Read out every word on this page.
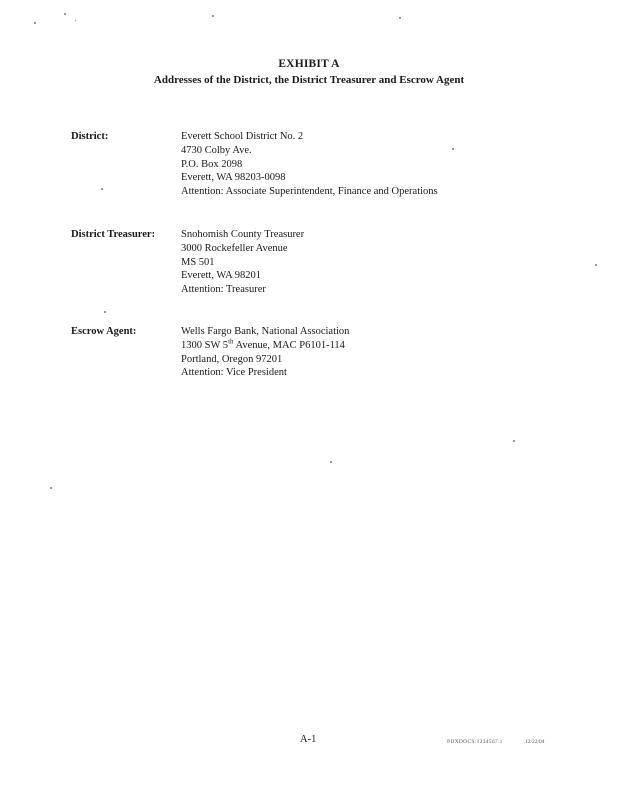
EXHIBIT A
Addresses of the District, the District Treasurer and Escrow Agent
District:	Everett School District No. 2
4730 Colby Ave.
P.O. Box 2098
Everett, WA 98203-0098
Attention: Associate Superintendent, Finance and Operations
District Treasurer: Snohomish County Treasurer
3000 Rockefeller Avenue
MS 501
Everett, WA 98201
Attention: Treasurer
Escrow Agent:	Wells Fargo Bank, National Association
1300 SW 5th Avenue, MAC P6101-114
Portland, Oregon 97201
Attention: Vice President
A-1	PDXDOCS:1234567.1	12/22/04
